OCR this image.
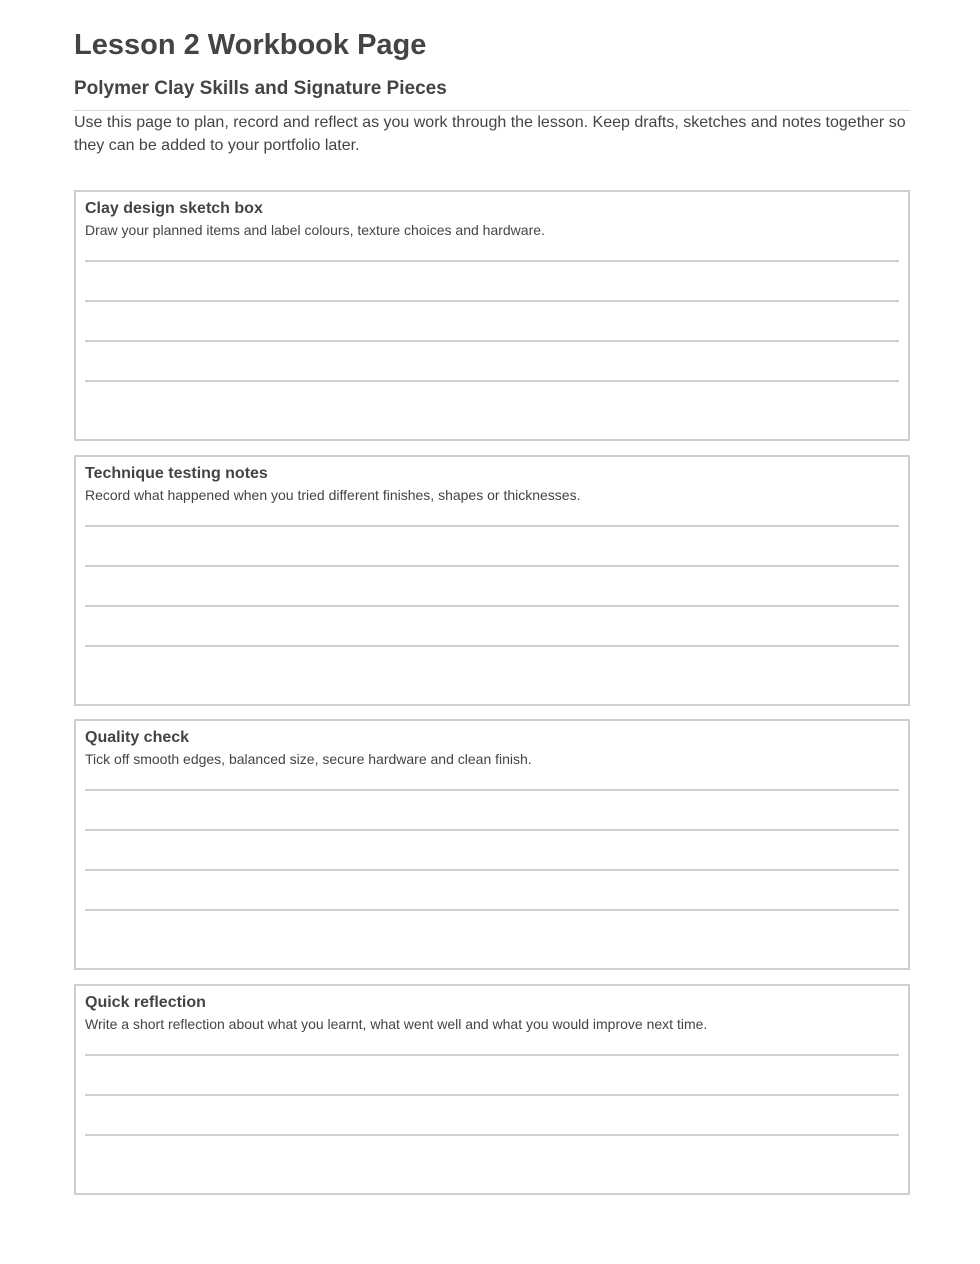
Lesson 2 Workbook Page
Polymer Clay Skills and Signature Pieces

Use this page to plan, record and reflect as you work through the lesson. Keep drafts, sketches and notes together so they can be added to your portfolio later.

Clay design sketch box
Draw your planned items and label colours, texture choices and hardware.
Technique testing notes
Record what happened when you tried different finishes, shapes or thicknesses.
Quality check
Tick off smooth edges, balanced size, secure hardware and clean finish.
Quick reflection
Write a short reflection about what you learnt, what went well and what you would improve next time.
